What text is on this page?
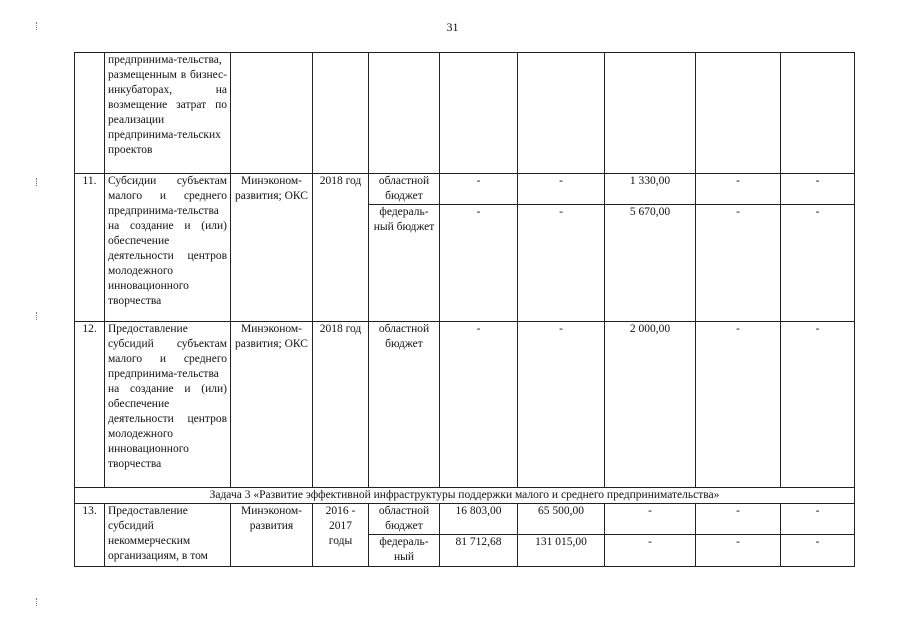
31
	предпринима-тельства, размещенным в бизнес-инкубаторах, на возмещение затрат по реализации предпринима-тельских проектов								
11.	Субсидии субъектам малого и среднего предпринима-тельства на создание и (или) обеспечение деятельности центров молодежного инновационного творчества	Минэконом-развития; ОКС	2018 год	областной бюджет	-	-	1 330,00	-	-
				федераль-ный бюджет	-	-	5 670,00	-	-
12.	Предоставление субсидий субъектам малого и среднего предпринима-тельства на создание и (или) обеспечение деятельности центров молодежного инновационного творчества	Минэконом-развития; ОКС	2018 год	областной бюджет	-	-	2 000,00	-	-
Задача 3 «Развитие эффективной инфраструктуры поддержки малого и среднего предпринимательства»									
13.	Предоставление субсидий некоммерческим организациям, в том	Минэконом-развития	2016 - 2017 годы	областной бюджет	16 803,00	65 500,00	-	-	-
				федераль-ный	81 712,68	131 015,00	-	-	-
